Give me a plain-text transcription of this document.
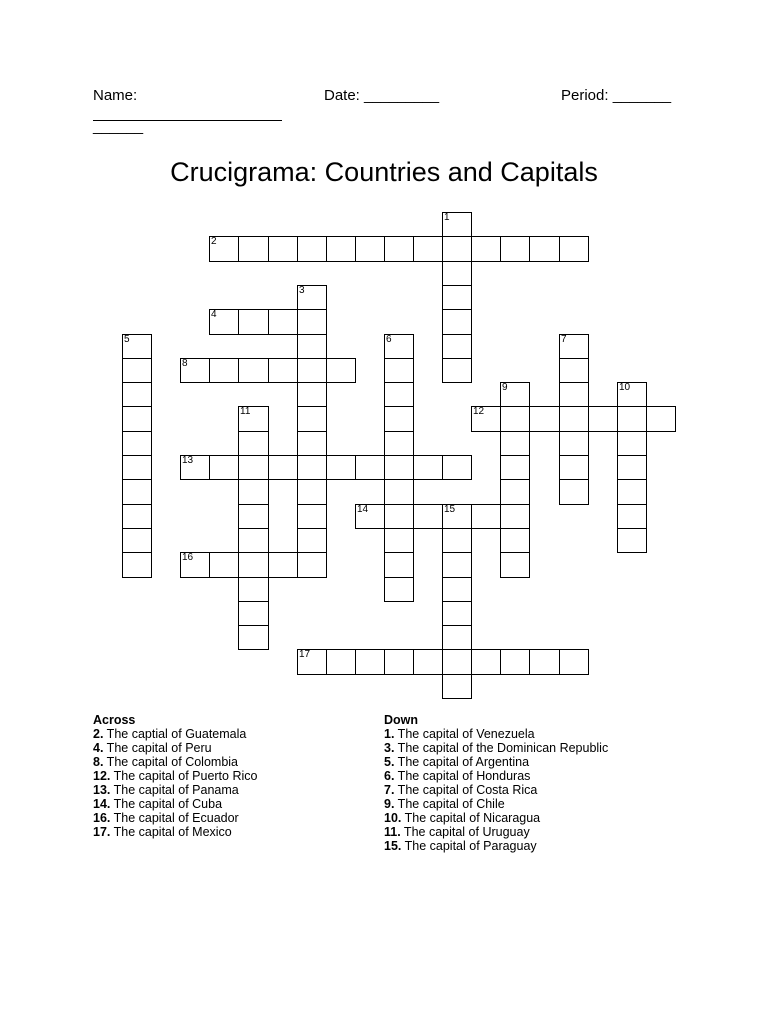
Name:
______
Date: _________	Period: _______
Crucigrama: Countries and Capitals
1
2
3
4
5	6	7
8
9	10
11	12
13
14	15
16
17
Across
2. The captial of Guatemala
4. The capital of Peru
8. The capital of Colombia
12. The capital of Puerto Rico
13. The capital of Panama
14. The capital of Cuba
16. The capital of Ecuador
17. The capital of Mexico
Down
1. The capital of Venezuela
3. The capital of the Dominican Republic
5. The capital of Argentina
6. The capital of Honduras
7. The capital of Costa Rica
9. The capital of Chile
10. The capital of Nicaragua
11. The capital of Uruguay
15. The capital of Paraguay
